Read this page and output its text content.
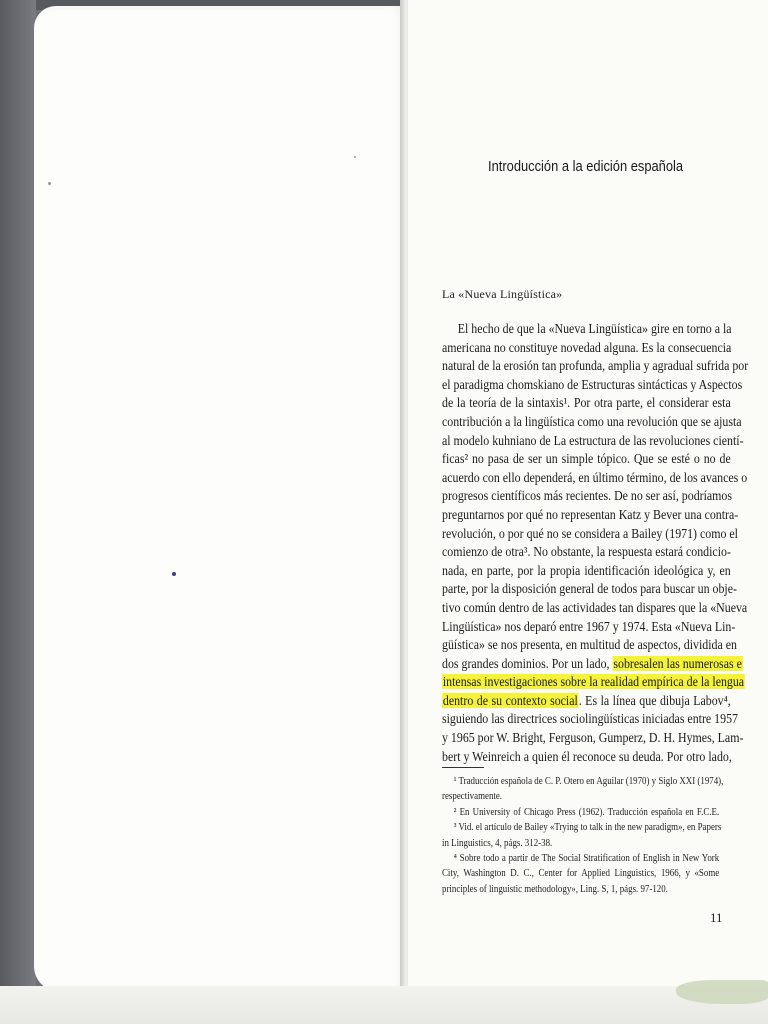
Introducción a la edición española
La «Nueva Lingüística»
El hecho de que la «Nueva Lingüística» gire en torno a la
americana no constituye novedad alguna. Es la consecuencia
natural de la erosión tan profunda, amplia y agradual sufrida por
el paradigma chomskiano de Estructuras sintácticas y Aspectos
de la teoría de la sintaxis¹. Por otra parte, el considerar esta
contribución a la lingüística como una revolución que se ajusta
al modelo kuhniano de La estructura de las revoluciones cientí-
ficas² no pasa de ser un simple tópico. Que se esté o no de
acuerdo con ello dependerá, en último término, de los avances o
progresos científicos más recientes. De no ser así, podríamos
preguntarnos por qué no representan Katz y Bever una contra-
revolución, o por qué no se considera a Bailey (1971) como el
comienzo de otra³. No obstante, la respuesta estará condicio-
nada, en parte, por la propia identificación ideológica y, en
parte, por la disposición general de todos para buscar un obje-
tivo común dentro de las actividades tan dispares que la «Nueva
Lingüística» nos deparó entre 1967 y 1974. Esta «Nueva Lin-
güística» se nos presenta, en multitud de aspectos, dividida en
dos grandes dominios. Por un lado, sobresalen las numerosas e
intensas investigaciones sobre la realidad empírica de la lengua
dentro de su contexto social. Es la línea que dibuja Labov⁴,
siguiendo las directrices sociolingüísticas iniciadas entre 1957
y 1965 por W. Bright, Ferguson, Gumperz, D. H. Hymes, Lam-
bert y Weinreich a quien él reconoce su deuda. Por otro lado,
¹ Traducción española de C. P. Otero en Aguilar (1970) y Siglo XXI (1974),
respectivamente.
² En University of Chicago Press (1962). Traducción española en F.C.E.
³ Vid. el artículo de Bailey «Trying to talk in the new paradigm», en Papers
in Linguistics, 4, págs. 312-38.
⁴ Sobre todo a partir de The Social Stratification of English in New York
City, Washington D. C., Center for Applied Linguistics, 1966, y «Some
principles of linguistic methodology», Ling. S, 1, págs. 97-120.
11
